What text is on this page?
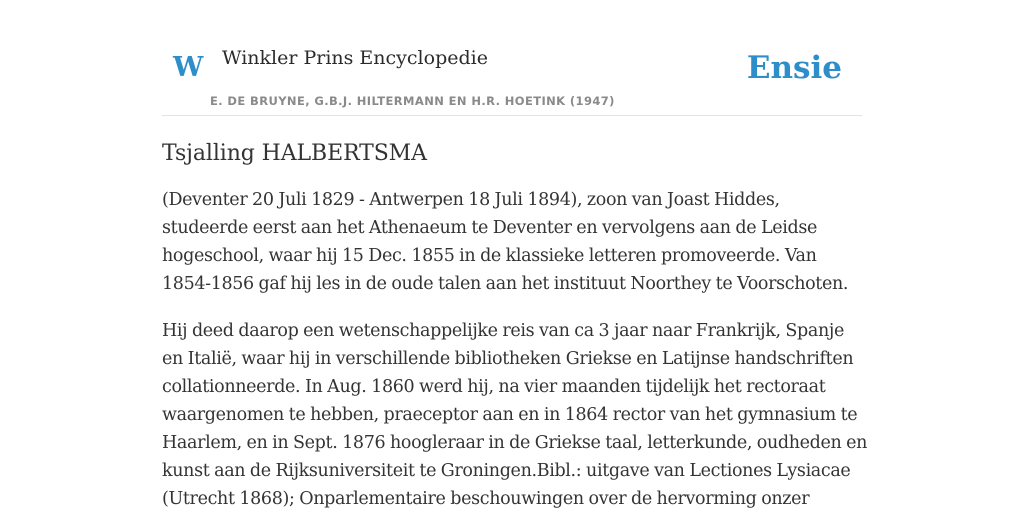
W Winkler Prins Encyclopedie
E. DE BRUYNE, G.B.J. HILTERMANN EN H.R. HOETINK (1947)
Ensie
Tsjalling HALBERTSMA

(Deventer 20 Juli 1829 - Antwerpen 18 Juli 1894), zoon van Joast Hiddes, studeerde eerst aan het Athenaeum te Deventer en vervolgens aan de Leidse hogeschool, waar hij 15 Dec. 1855 in de klassieke letteren promoveerde. Van 1854-1856 gaf hij les in de oude talen aan het instituut Noorthey te Voorschoten.

Hij deed daarop een wetenschappelijke reis van ca 3 jaar naar Frankrijk, Spanje en Italië, waar hij in verschillende bibliotheken Griekse en Latijnse handschriften collationneerde. In Aug. 1860 werd hij, na vier maanden tijdelijk het rectoraat waargenomen te hebben, praeceptor aan en in 1864 rector van het gymnasium te Haarlem, en in Sept. 1876 hoogleraar in de Griekse taal, letterkunde, oudheden en kunst aan de Rijksuniversiteit te Groningen.Bibl.: uitgave van Lectiones Lysiacae (Utrecht 1868); Onparlementaire beschouwingen over de hervorming onzer
